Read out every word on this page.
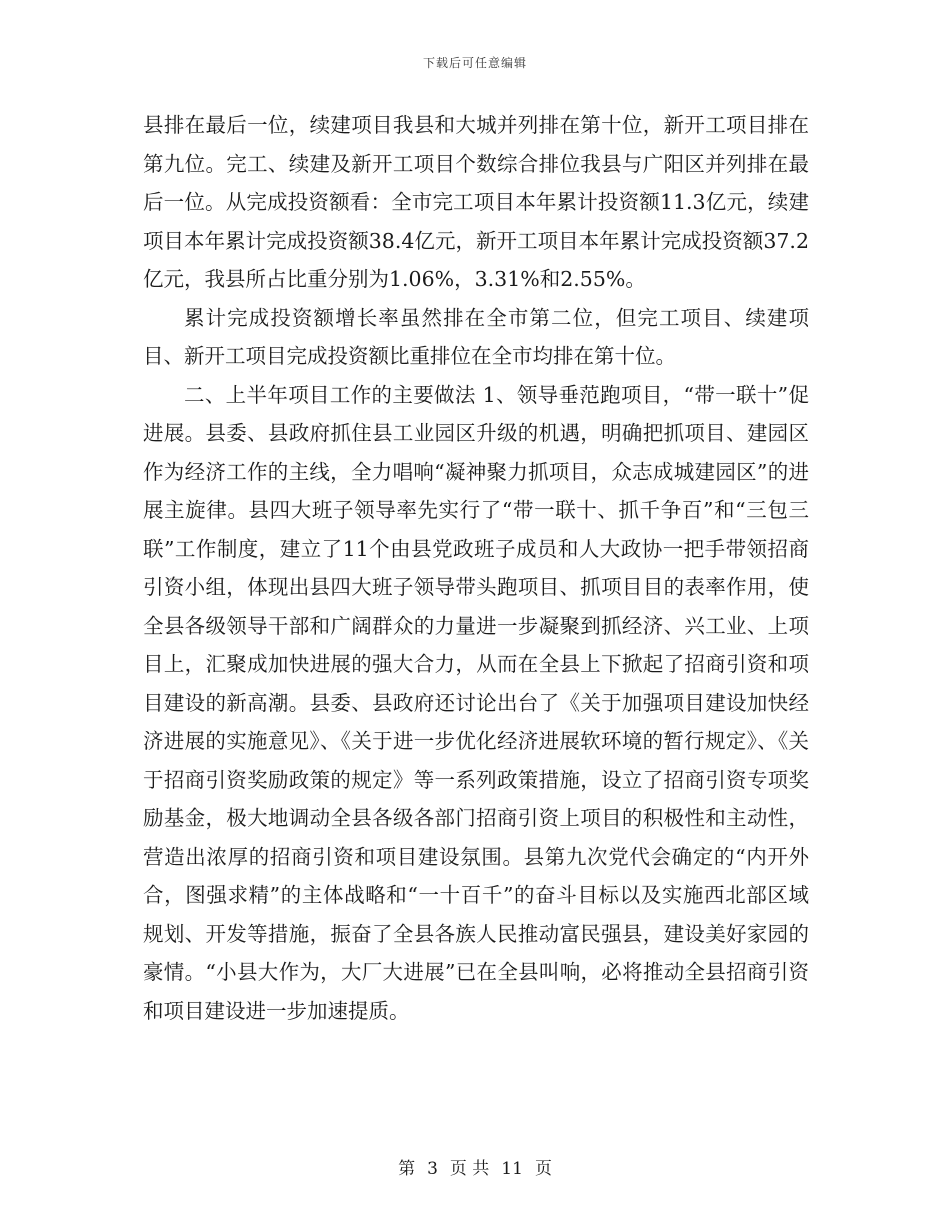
下载后可任意编辑

县排在最后一位，续建项目我县和大城并列排在第十位，新开工项目排在第九位。完工、续建及新开工项目个数综合排位我县与广阳区并列排在最后一位。从完成投资额看：全市完工项目本年累计投资额11.3亿元，续建项目本年累计完成投资额38.4亿元，新开工项目本年累计完成投资额37.2亿元，我县所占比重分别为1.06%，3.31%和2.55%。

累计完成投资额增长率虽然排在全市第二位，但完工项目、续建项目、新开工项目完成投资额比重排位在全市均排在第十位。

二、上半年项目工作的主要做法 1、领导垂范跑项目，“带一联十”促进展。县委、县政府抓住县工业园区升级的机遇，明确把抓项目、建园区作为经济工作的主线，全力唱响“凝神聚力抓项目，众志成城建园区”的进展主旋律。县四大班子领导率先实行了“带一联十、抓千争百”和“三包三联”工作制度，建立了11个由县党政班子成员和人大政协一把手带领招商引资小组，体现出县四大班子领导带头跑项目、抓项目目的表率作用，使全县各级领导干部和广阔群众的力量进一步凝聚到抓经济、兴工业、上项目上，汇聚成加快进展的强大合力，从而在全县上下掀起了招商引资和项目建设的新高潮。县委、县政府还讨论出台了《关于加强项目建设加快经济进展的实施意见》、《关于进一步优化经济进展软环境的暂行规定》、《关于招商引资奖励政策的规定》等一系列政策措施，设立了招商引资专项奖励基金，极大地调动全县各级各部门招商引资上项目的积极性和主动性，营造出浓厚的招商引资和项目建设氛围。县第九次党代会确定的“内开外合，图强求精”的主体战略和“一十百千”的奋斗目标以及实施西北部区域规划、开发等措施，振奋了全县各族人民推动富民强县，建设美好家园的豪情。“小县大作为，大厂大进展”已在全县叫响，必将推动全县招商引资和项目建设进一步加速提质。

第 3 页 共 11 页
